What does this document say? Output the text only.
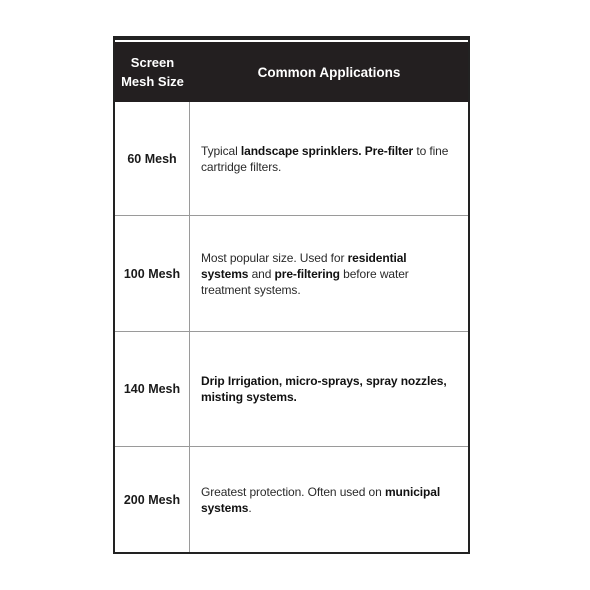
Screen
Mesh Size
Common Applications
60 Mesh

Typical landscape sprinklers. Pre-filter to fine cartridge filters.

100 Mesh

Most popular size. Used for residential systems and pre-filtering before water treatment systems.

140 Mesh

Drip Irrigation, micro-sprays, spray nozzles, misting systems.

200 Mesh

Greatest protection. Often used on municipal systems.
